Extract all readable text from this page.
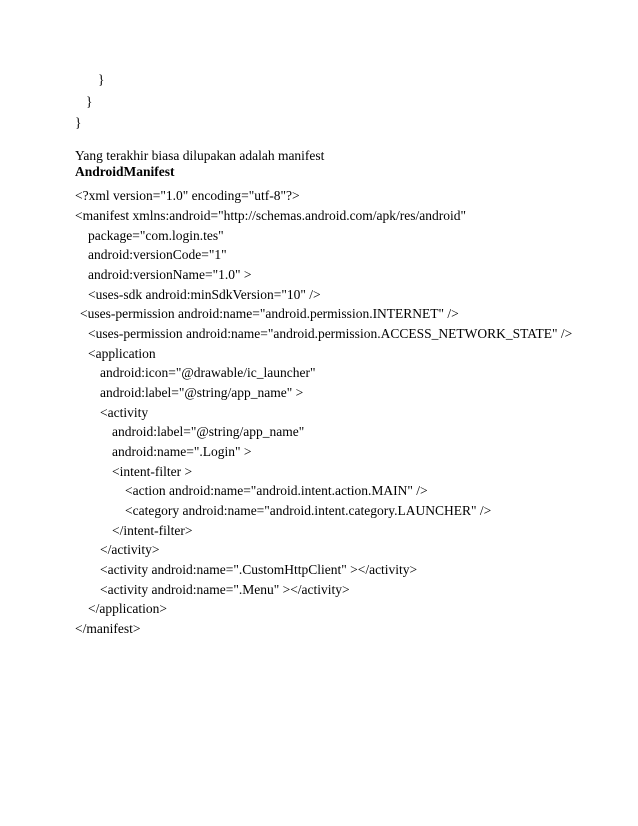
}
}
}
Yang terakhir biasa dilupakan adalah manifest
AndroidManifest
<?xml version="1.0" encoding="utf-8"?>
<manifest xmlns:android="http://schemas.android.com/apk/res/android"
package="com.login.tes"
android:versionCode="1"
android:versionName="1.0" >
<uses-sdk android:minSdkVersion="10" />
<uses-permission android:name="android.permission.INTERNET" />
<uses-permission android:name="android.permission.ACCESS_NETWORK_STATE" />
<application
android:icon="@drawable/ic_launcher"
android:label="@string/app_name" >
<activity
android:label="@string/app_name"
android:name=".Login" >
<intent-filter >
<action android:name="android.intent.action.MAIN" />
<category android:name="android.intent.category.LAUNCHER" />
</intent-filter>
</activity>
<activity android:name=".CustomHttpClient" ></activity>
<activity android:name=".Menu" ></activity>
</application>
</manifest>
